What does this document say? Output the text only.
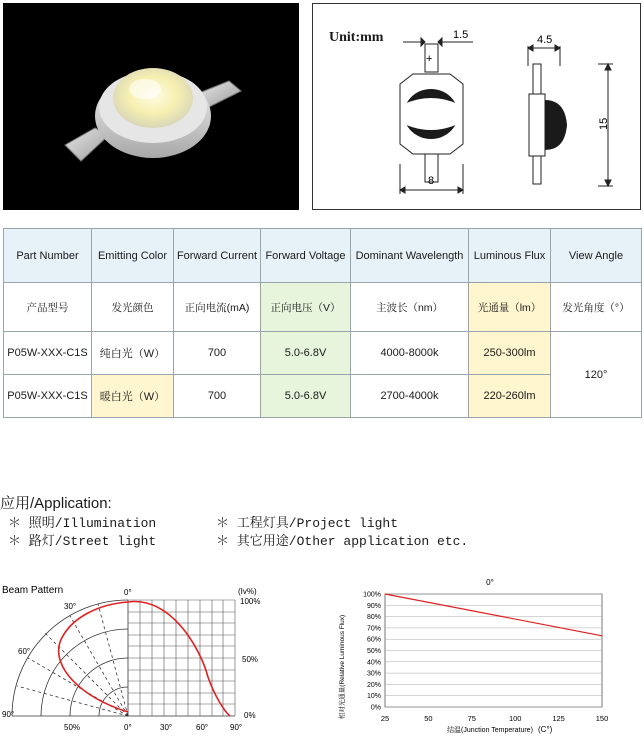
Unit:mm
+
1.5
8
4.5
15
Part Number	Emitting Color	Forward Current	Forward Voltage	Dominant Wavelength	Luminous Flux	View Angle
产品型号	发光颜色	正向电流(mA)	正向电压（V）	主波长（nm）	光通量（lm）	发光角度（°）
P05W-XXX-C1S	纯白光（W）	700	5.0-6.8V	4000-8000k	250-300lm	120°
P05W-XXX-C1S	暖白光（W）	700	5.0-6.8V	2700-4000k	220-260lm	
应用/Application:
＊ 照明/Illumination	＊ 工程灯具/Project light
＊ 路灯/Street light	＊ 其它用途/Other application etc.
Beam Pattern	0°
30°
60°
90°
(Iv%)
100%
50%
0%
50%	0°	30°	60°	90°
0°
相对光通量(Relative Luminous Flux)
结温(Junction Temperature) (C°)
100%
90%
80%
70%
60%
50%
40%
30%
20%
10%
0%
25	50	75	100	125	150
